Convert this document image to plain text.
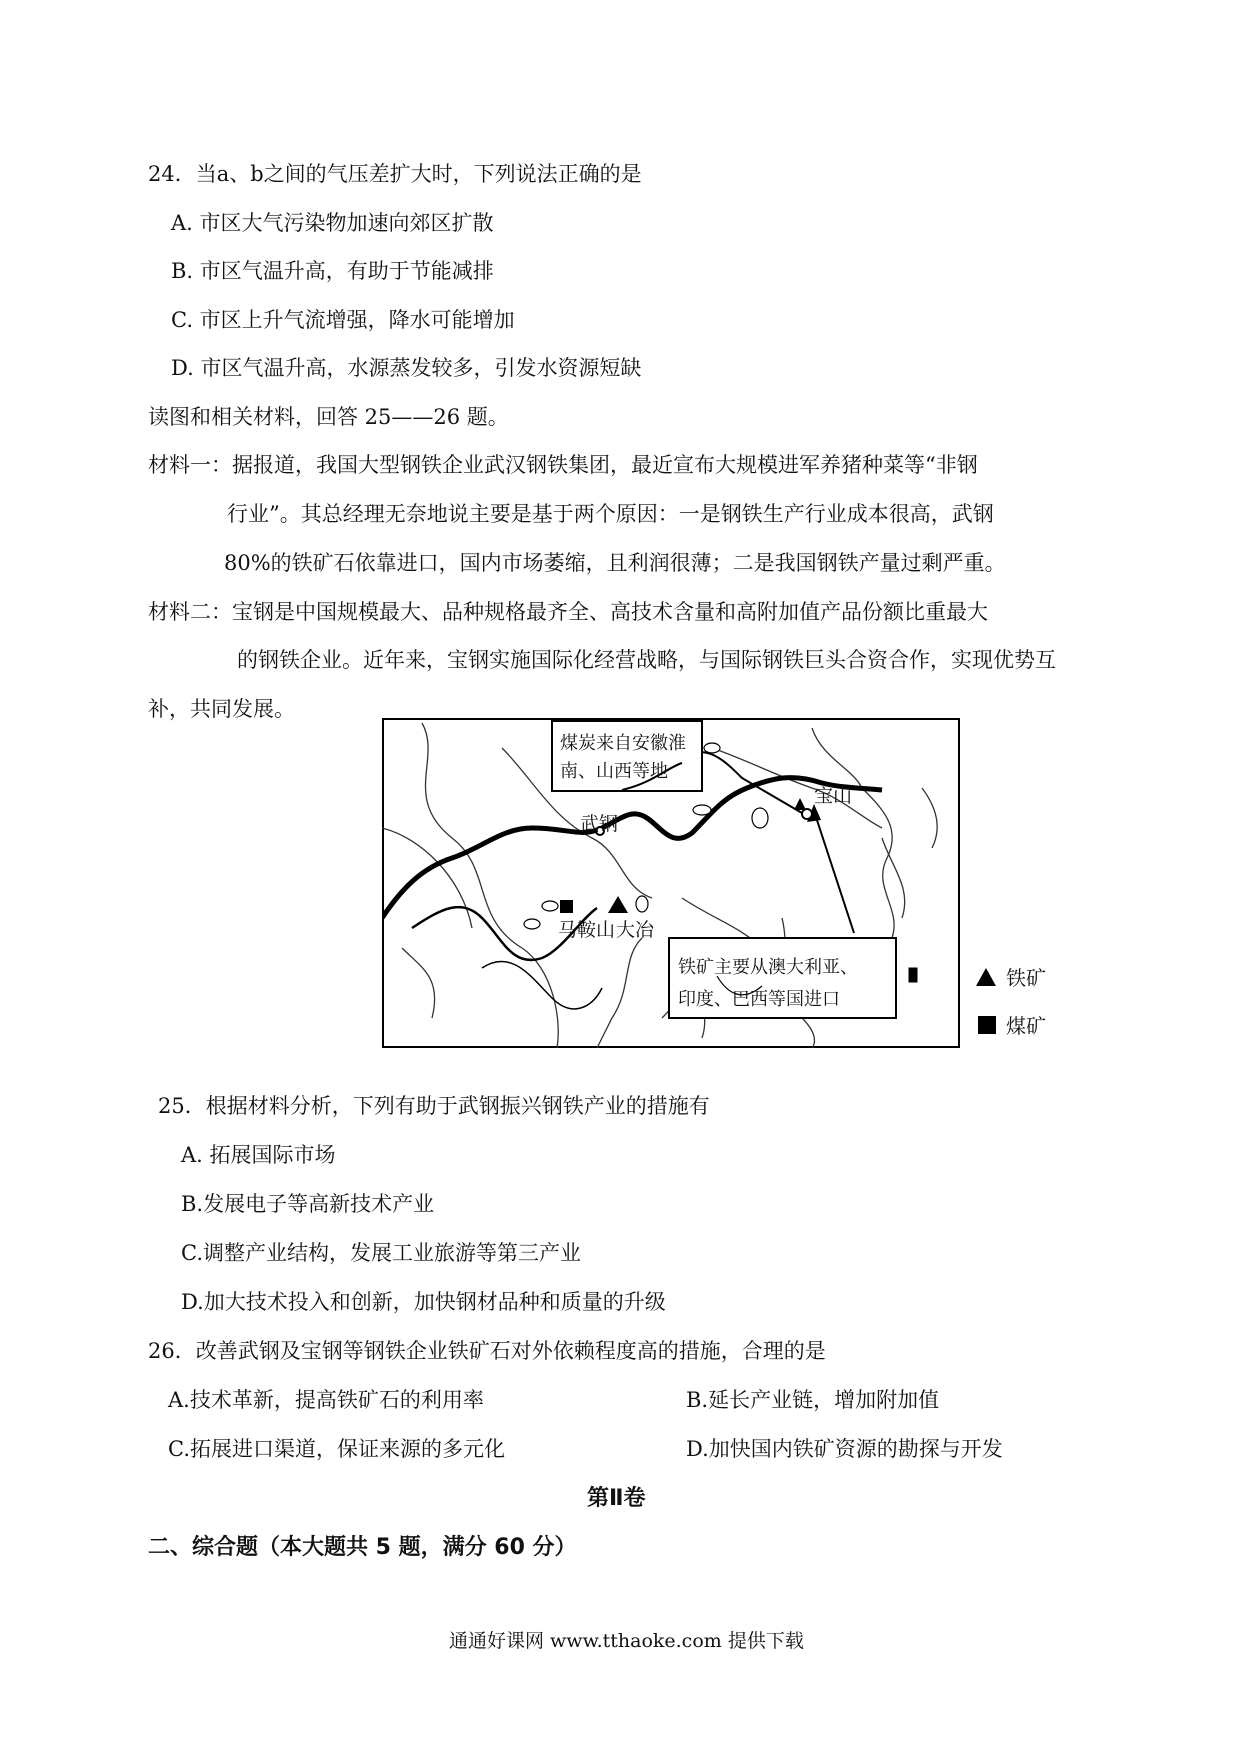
24．当a、b之间的气压差扩大时，下列说法正确的是
A. 市区大气污染物加速向郊区扩散
B. 市区气温升高，有助于节能减排
C. 市区上升气流增强，降水可能增加
D. 市区气温升高，水源蒸发较多，引发水资源短缺
读图和相关材料，回答 25——26 题。
材料一：据报道，我国大型钢铁企业武汉钢铁集团，最近宣布大规模进军养猪种菜等“非钢
行业”。其总经理无奈地说主要是基于两个原因：一是钢铁生产行业成本很高，武钢
80%的铁矿石依靠进口，国内市场萎缩，且利润很薄；二是我国钢铁产量过剩严重。
材料二：宝钢是中国规模最大、品种规格最齐全、高技术含量和高附加值产品份额比重最大
的钢铁企业。近年来，宝钢实施国际化经营战略，与国际钢铁巨头合资合作，实现优势互
补，共同发展。
煤炭来自安徽淮
南、山西等地
宝山
武钢
马鞍山 大冶
铁矿主要从澳大利亚、
印度、巴西等国进口
铁矿
煤矿
25．根据材料分析，下列有助于武钢振兴钢铁产业的措施有
A. 拓展国际市场
B.发展电子等高新技术产业
C.调整产业结构，发展工业旅游等第三产业
D.加大技术投入和创新，加快钢材品种和质量的升级
26．改善武钢及宝钢等钢铁企业铁矿石对外依赖程度高的措施，合理的是
A.技术革新，提高铁矿石的利用率	B.延长产业链，增加附加值
C.拓展进口渠道，保证来源的多元化	D.加快国内铁矿资源的勘探与开发
第Ⅱ卷
二、综合题（本大题共 5 题，满分 60 分）
通通好课网 www.tthaoke.com 提供下载
